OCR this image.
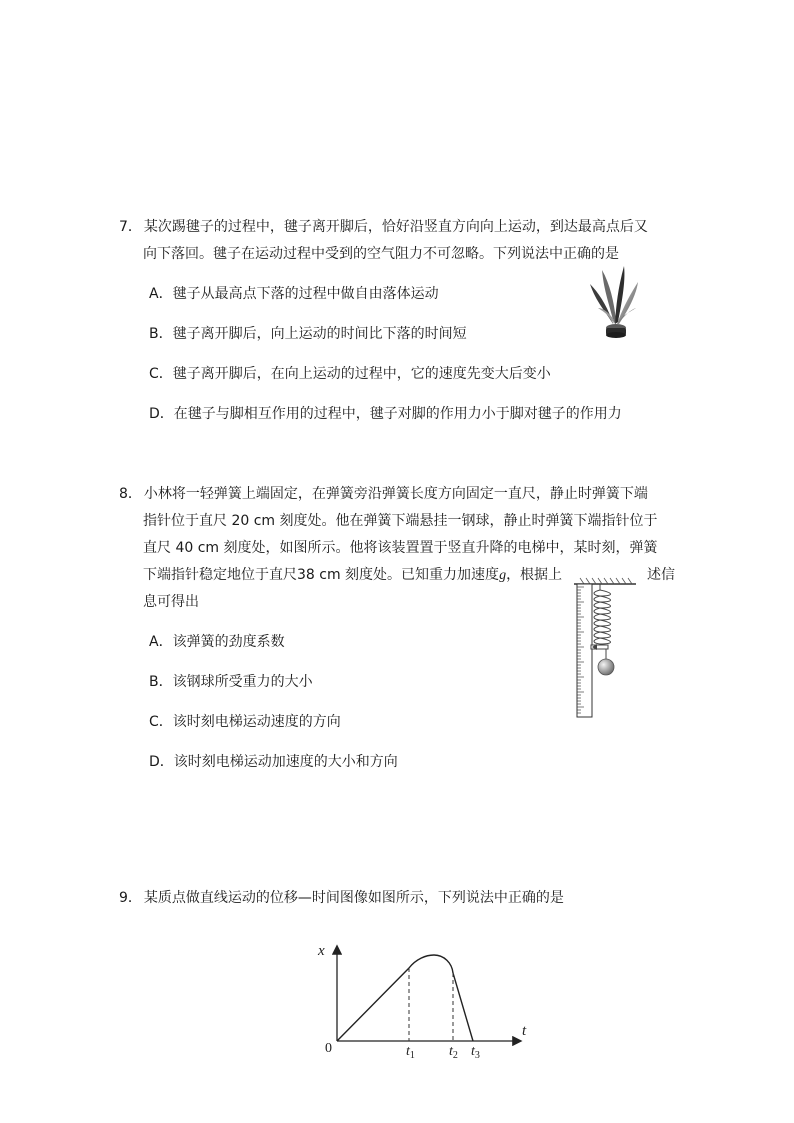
7． 某次踢毽子的过程中，毽子离开脚后，恰好沿竖直方向向上运动，到达最高点后又
向下落回。毽子在运动过程中受到的空气阻力不可忽略。下列说法中正确的是
A．毽子从最高点下落的过程中做自由落体运动
B．毽子离开脚后，向上运动的时间比下落的时间短
C．毽子离开脚后，在向上运动的过程中，它的速度先变大后变小
D．在毽子与脚相互作用的过程中，毽子对脚的作用力小于脚对毽子的作用力
8． 小林将一轻弹簧上端固定，在弹簧旁沿弹簧长度方向固定一直尺，静止时弹簧下端
指针位于直尺 20 cm 刻度处。他在弹簧下端悬挂一钢球，静止时弹簧下端指针位于
直尺 40 cm 刻度处，如图所示。他将该装置置于竖直升降的电梯中，某时刻，弹簧
下端指针稳定地位于直尺38 cm 刻度处。已知重力加速度g，根据上	述信
息可得出
A．该弹簧的劲度系数
B．该钢球所受重力的大小
C．该时刻电梯运动速度的方向
D．该时刻电梯运动加速度的大小和方向
9． 某质点做直线运动的位移—时间图像如图所示，下列说法中正确的是
x
t
0	$t_1$ $t_2$ $t_3$
